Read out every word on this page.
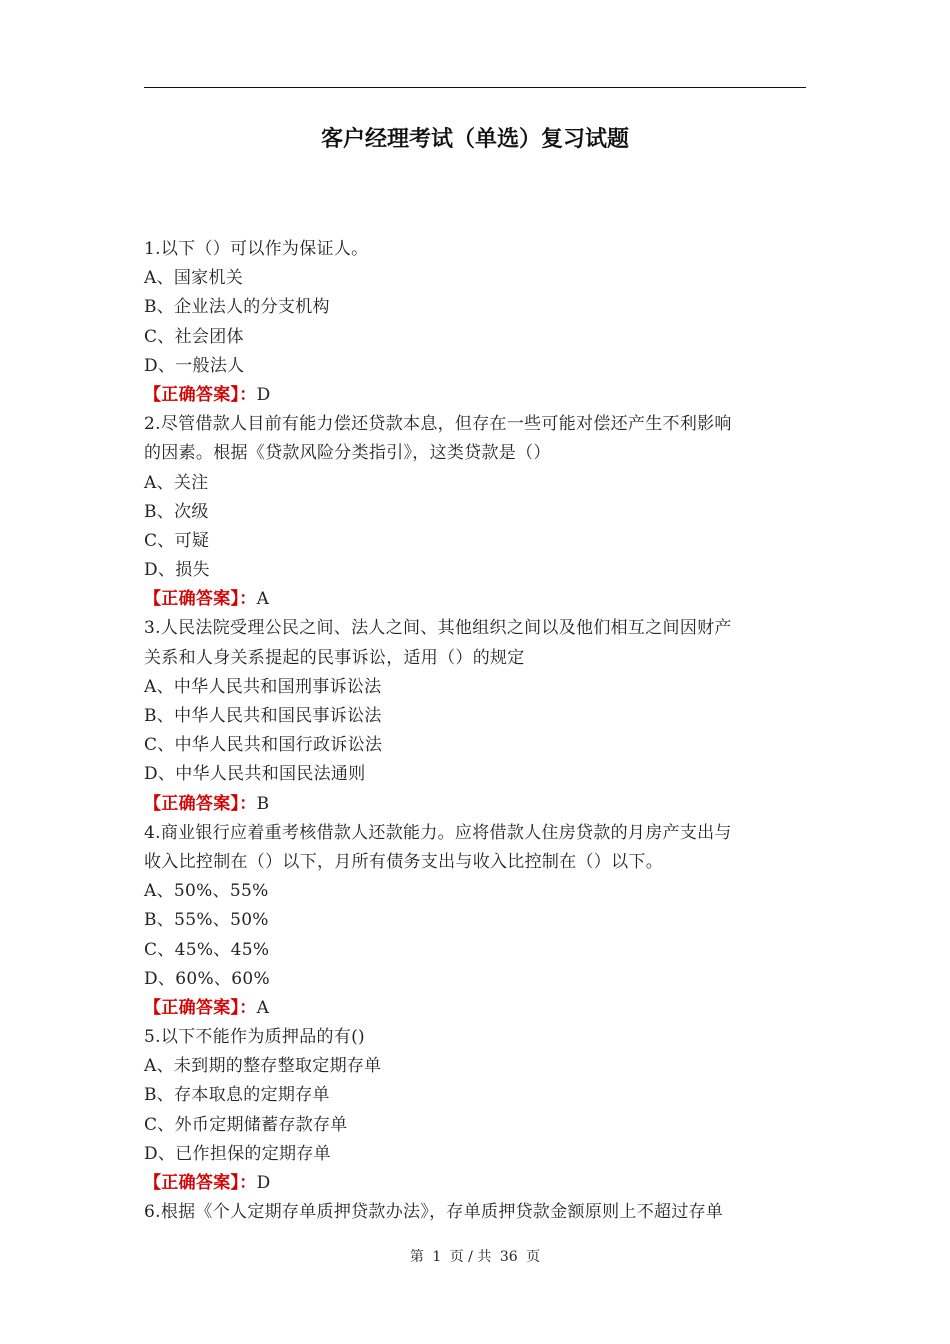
客户经理考试（单选）复习试题
1.以下（）可以作为保证人。
A、国家机关
B、企业法人的分支机构
C、社会团体
D、一般法人
【正确答案】：D
2.尽管借款人目前有能力偿还贷款本息，但存在一些可能对偿还产生不利影响
的因素。根据《贷款风险分类指引》，这类贷款是（）
A、关注
B、次级
C、可疑
D、损失
【正确答案】：A
3.人民法院受理公民之间、法人之间、其他组织之间以及他们相互之间因财产
关系和人身关系提起的民事诉讼，适用（）的规定
A、中华人民共和国刑事诉讼法
B、中华人民共和国民事诉讼法
C、中华人民共和国行政诉讼法
D、中华人民共和国民法通则
【正确答案】：B
4.商业银行应着重考核借款人还款能力。应将借款人住房贷款的月房产支出与
收入比控制在（）以下，月所有债务支出与收入比控制在（）以下。
A、50%、55%
B、55%、50%
C、45%、45%
D、60%、60%
【正确答案】：A
5.以下不能作为质押品的有()
A、未到期的整存整取定期存单
B、存本取息的定期存单
C、外币定期储蓄存款存单
D、已作担保的定期存单
【正确答案】：D
6.根据《个人定期存单质押贷款办法》，存单质押贷款金额原则上不超过存单
第 1 页 / 共 36 页
